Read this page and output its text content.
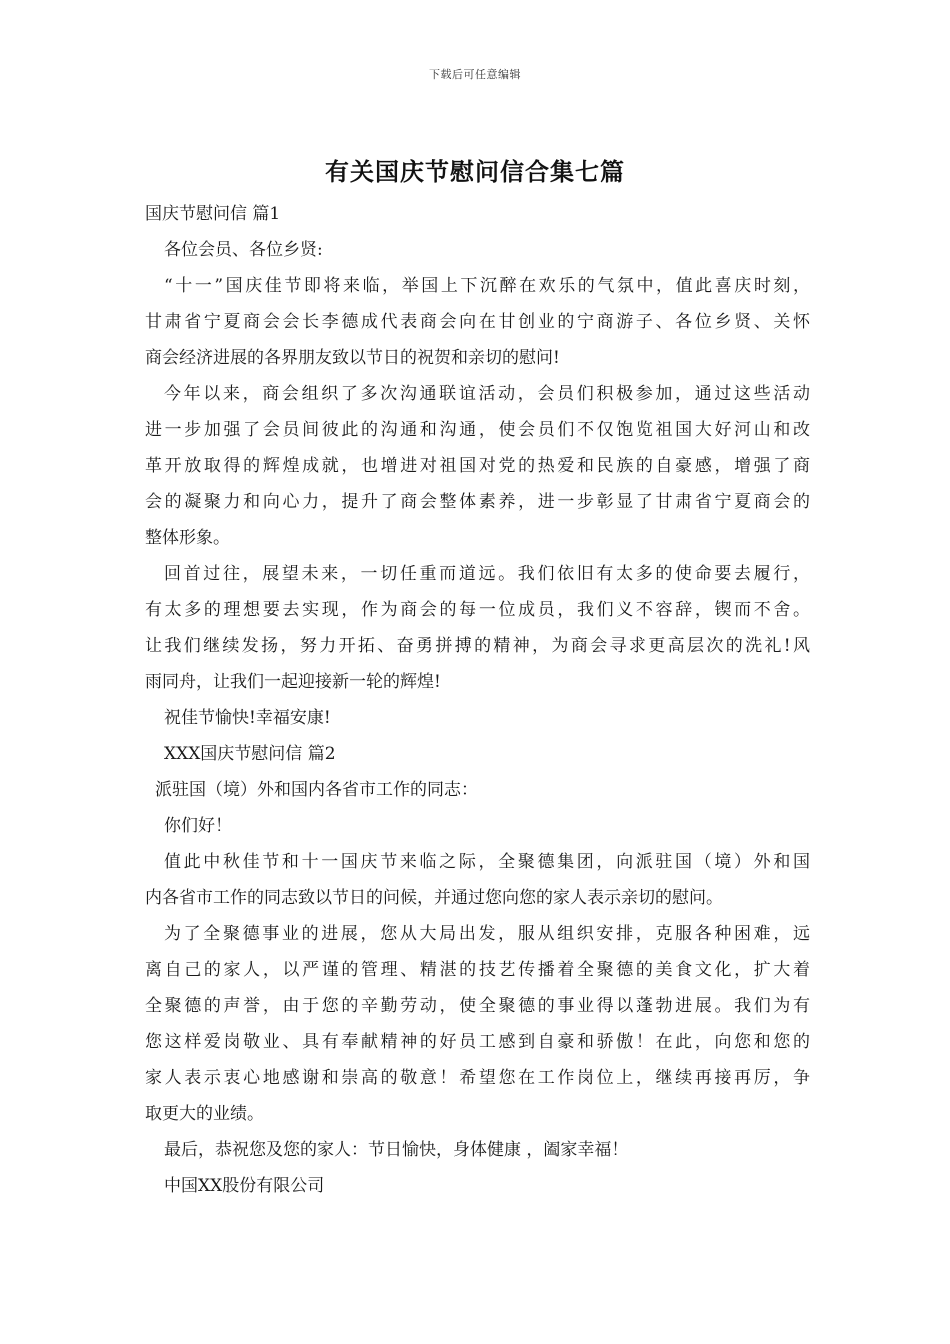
下载后可任意编辑
有关国庆节慰问信合集七篇
国庆节慰问信 篇1
各位会员、各位乡贤:
“十一”国庆佳节即将来临，举国上下沉醉在欢乐的气氛中，值此喜庆时刻，
甘肃省宁夏商会会长李德成代表商会向在甘创业的宁商游子、各位乡贤、关怀
商会经济进展的各界朋友致以节日的祝贺和亲切的慰问!
今年以来，商会组织了多次沟通联谊活动，会员们积极参加，通过这些活动
进一步加强了会员间彼此的沟通和沟通，使会员们不仅饱览祖国大好河山和改
革开放取得的辉煌成就，也增进对祖国对党的热爱和民族的自豪感，增强了商
会的凝聚力和向心力，提升了商会整体素养，进一步彰显了甘肃省宁夏商会的
整体形象。
回首过往，展望未来，一切任重而道远。我们依旧有太多的使命要去履行，
有太多的理想要去实现，作为商会的每一位成员，我们义不容辞，锲而不舍。
让我们继续发扬，努力开拓、奋勇拼搏的精神，为商会寻求更高层次的洗礼!风
雨同舟，让我们一起迎接新一轮的辉煌!
祝佳节愉快!幸福安康!
XXX国庆节慰问信 篇2
派驻国（境）外和国内各省市工作的同志：
你们好！
值此中秋佳节和十一国庆节来临之际，全聚德集团，向派驻国（境）外和国
内各省市工作的同志致以节日的问候，并通过您向您的家人表示亲切的慰问。
为了全聚德事业的进展，您从大局出发，服从组织安排，克服各种困难，远
离自己的家人，以严谨的管理、精湛的技艺传播着全聚德的美食文化，扩大着
全聚德的声誉，由于您的辛勤劳动，使全聚德的事业得以蓬勃进展。我们为有
您这样爱岗敬业、具有奉献精神的好员工感到自豪和骄傲！在此，向您和您的
家人表示衷心地感谢和崇高的敬意！希望您在工作岗位上，继续再接再厉，争
取更大的业绩。
最后，恭祝您及您的家人：节日愉快，身体健康 ，阖家幸福！
中国XX股份有限公司
